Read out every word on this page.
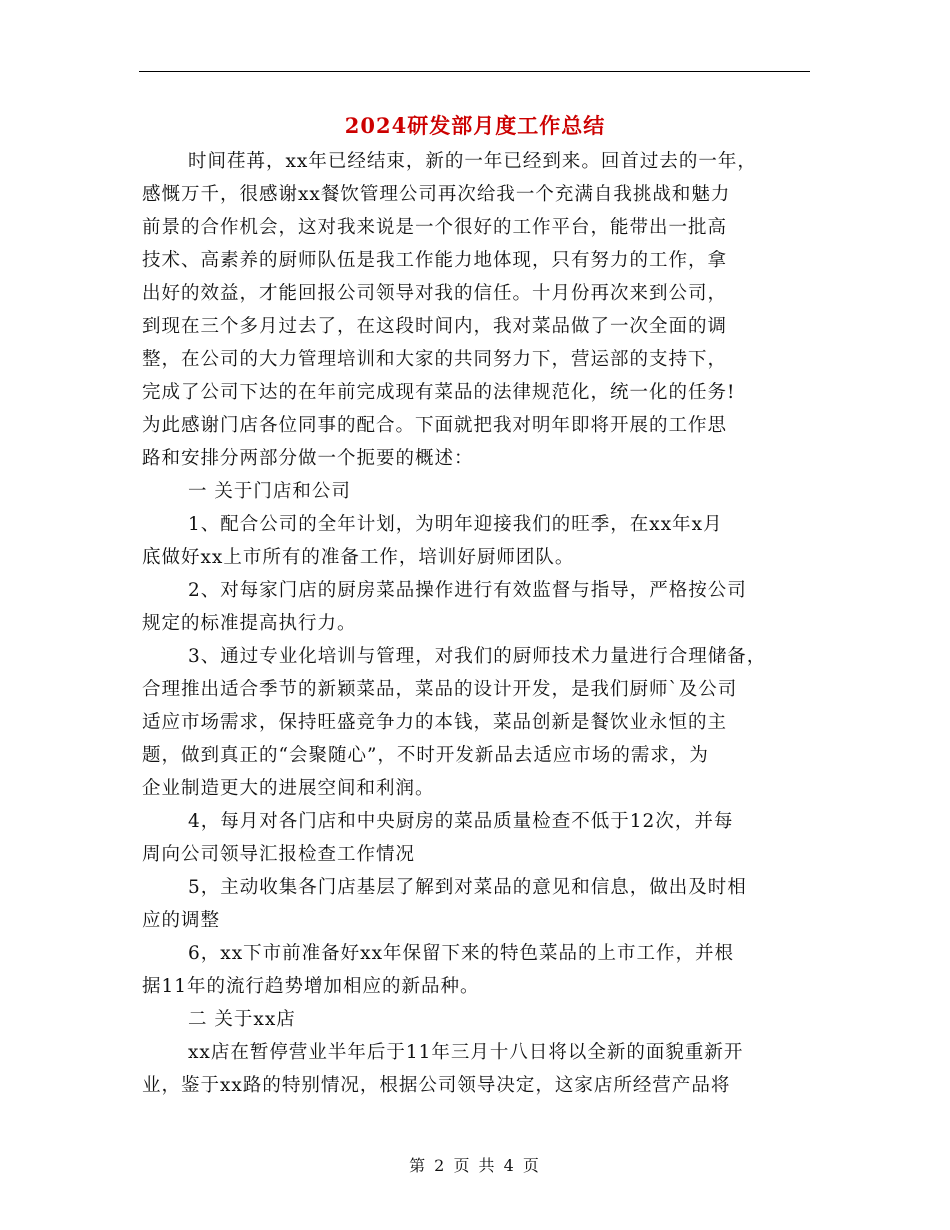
2024研发部月度工作总结
时间荏苒，xx年已经结束，新的一年已经到来。回首过去的一年，
感慨万千，很感谢xx餐饮管理公司再次给我一个充满自我挑战和魅力
前景的合作机会，这对我来说是一个很好的工作平台，能带出一批高
技术、高素养的厨师队伍是我工作能力地体现，只有努力的工作，拿
出好的效益，才能回报公司领导对我的信任。十月份再次来到公司，
到现在三个多月过去了，在这段时间内，我对菜品做了一次全面的调
整，在公司的大力管理培训和大家的共同努力下，营运部的支持下，
完成了公司下达的在年前完成现有菜品的法律规范化，统一化的任务!
为此感谢门店各位同事的配合。下面就把我对明年即将开展的工作思
路和安排分两部分做一个扼要的概述：
一 关于门店和公司
1、配合公司的全年计划，为明年迎接我们的旺季，在xx年x月
底做好xx上市所有的准备工作，培训好厨师团队。
2、对每家门店的厨房菜品操作进行有效监督与指导，严格按公司
规定的标准提高执行力。
3、通过专业化培训与管理，对我们的厨师技术力量进行合理储备，
合理推出适合季节的新颖菜品，菜品的设计开发，是我们厨师`及公司
适应市场需求，保持旺盛竞争力的本钱，菜品创新是餐饮业永恒的主
题，做到真正的“会聚随心”，不时开发新品去适应市场的需求，为
企业制造更大的进展空间和利润。
4，每月对各门店和中央厨房的菜品质量检查不低于12次，并每
周向公司领导汇报检查工作情况
5，主动收集各门店基层了解到对菜品的意见和信息，做出及时相
应的调整
6，xx下市前准备好xx年保留下来的特色菜品的上市工作，并根
据11年的流行趋势增加相应的新品种。
二 关于xx店
xx店在暂停营业半年后于11年三月十八日将以全新的面貌重新开
业，鉴于xx路的特别情况，根据公司领导决定，这家店所经营产品将
第 2 页 共 4 页
